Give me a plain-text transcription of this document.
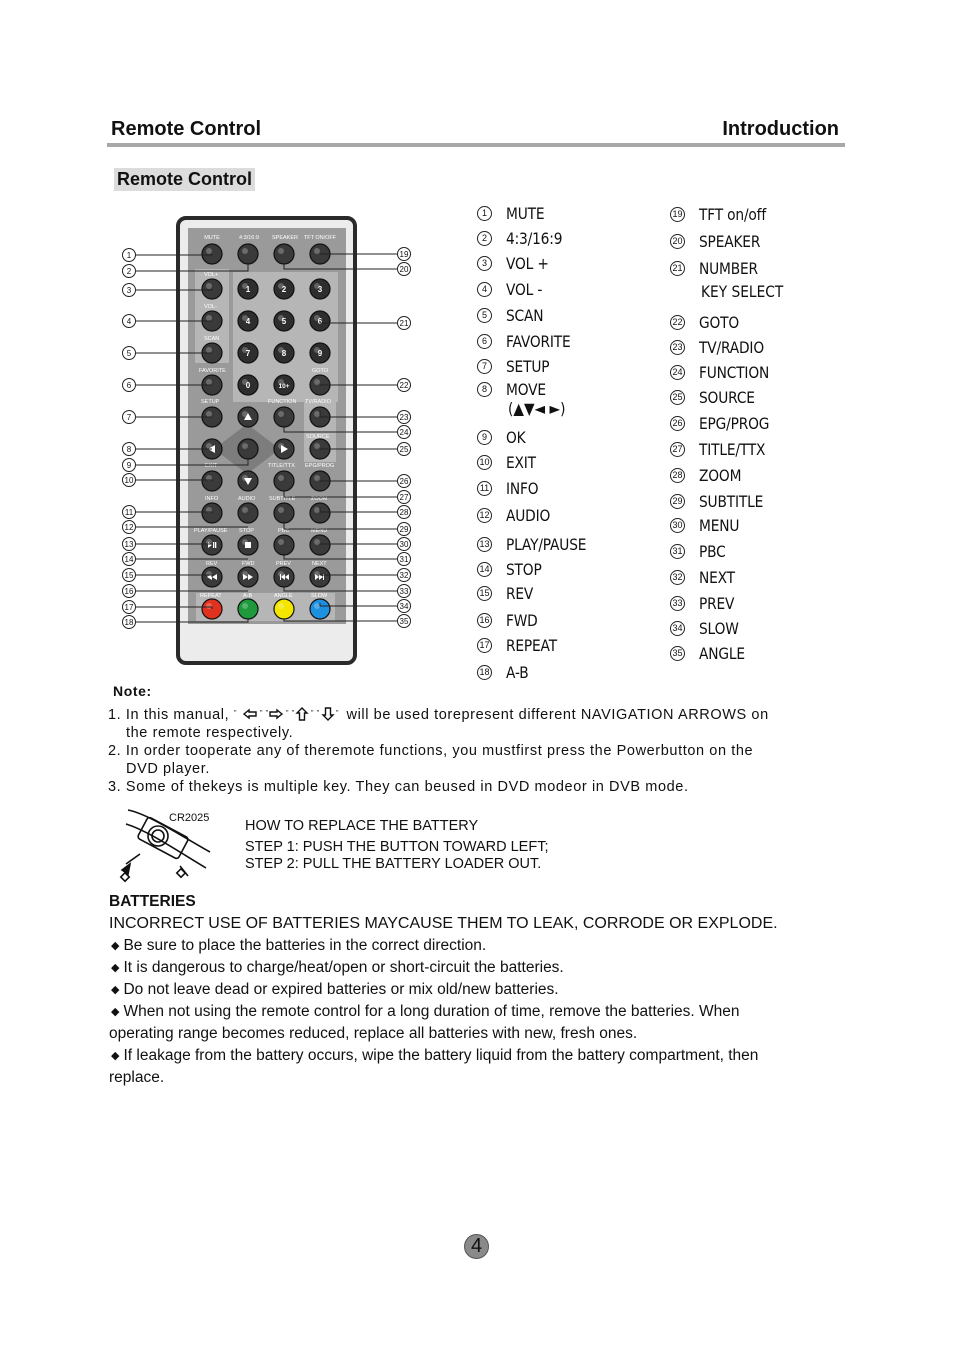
Remote Control	Introduction
Remote Control
MUTE	4:3/16:9 SPEAKER TFT ON/OFF
1	2	3
4	5	6
7	8	9
0	10+
VOL+
VOL-
SCAN
FAVORITE	GOTO
SETUP	FUNCTION TV/RADIO
SOURCE
EXIT	TITLE/TTX EPG/PROG
INFO	AUDIO SUBTITLE	ZOOM
PLAY/PAUSE STOP	PBC	MENU
REV	FWD	PREV	NEXT
REPEAT	A-B	ANGLE	SLOW
1
2
3
4
5
6
7
8
9
10
11
12
13
14
15
16
17
18
19
20
21
22
23
24
25
26
27
28
29
30
31
32
33
34
35
1	MUTE
2	4:3/16:9
3	VOL +
4	VOL -
5	SCAN
6	FAVORITE
7	SETUP
8	MOVE
9	OK
10 EXIT
11 INFO
12 AUDIO
13 PLAY/PAUSE
14 STOP
15 REV
16 FWD
17 REPEAT
18 A-B
(▲▼◄ ►)
19 TFT on/off
20 SPEAKER
21 NUMBER
22 GOTO
23 TV/RADIO
24 FUNCTION
25 SOURCE
26 EPG/PROG
27 TITLE/TTX
28 ZOOM
29 SUBTITLE
30 MENU
31 PBC
32 NEXT
33 PREV
34 SLOW
35 ANGLE
KEY SELECT
Note:
1. In this manual, "	" " " " " " " will be used torepresent different NAVIGATION ARROWS on
the remote respectively.
2. In order tooperate any of theremote functions, you mustfirst press the Powerbutton on the
DVD player.
3. Some of thekeys is multiple key. They can beused in DVD modeor in DVB mode.
CR2025 HOW TO REPLACE THE BATTERY
STEP 1: PUSH THE BUTTON TOWARD LEFT;
STEP 2: PULL THE BATTERY LOADER OUT.
BATTERIES
INCORRECT USE OF BATTERIES MAYCAUSE THEM TO LEAK, CORRODE OR EXPLODE.
◆ Be sure to place the batteries in the correct direction.
◆ It is dangerous to charge/heat/open or short-circuit the batteries.
◆ Do not leave dead or expired batteries or mix old/new batteries.
◆ When not using the remote control for a long duration of time, remove the batteries. When
operating range becomes reduced, replace all batteries with new, fresh ones.
◆ If leakage from the battery occurs, wipe the battery liquid from the battery compartment, then
replace.
4
